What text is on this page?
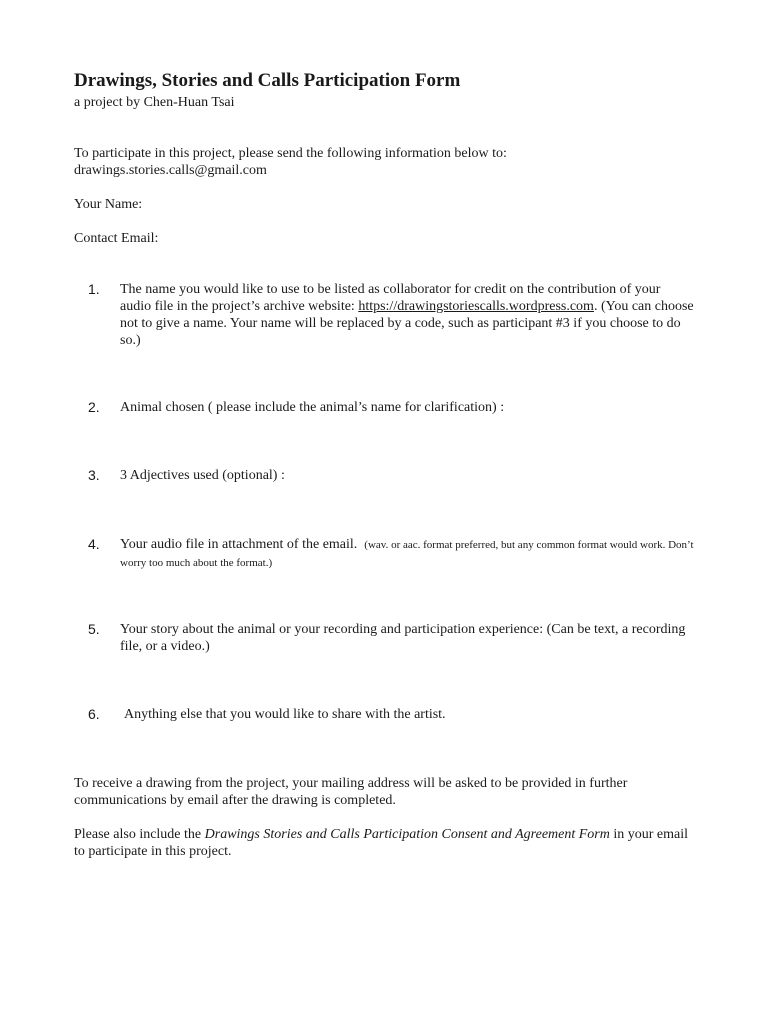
Drawings, Stories and Calls Participation Form

a project by Chen-Huan Tsai

To participate in this project, please send the following information below to:

drawings.stories.calls@gmail.com

Your Name:

Contact Email:

1.	The name you would like to use to be listed as collaborator for credit on the contribution of your audio file in the project’s archive website: https://drawingstoriescalls.wordpress.com. (You can choose not to give a name. Your name will be replaced by a code, such as participant #3 if you choose to do so.)

2.	Animal chosen ( please include the animal’s name for clarification) :

3.	3 Adjectives used (optional) :

4.	Your audio file in attachment of the email. (wav. or aac. format preferred, but any common format would work. Don’t worry too much about the format.)

5.	Your story about the animal or your recording and participation experience: (Can be text, a recording file, or a video.)

6.	Anything else that you would like to share with the artist.

To receive a drawing from the project, your mailing address will be asked to be provided in further communications by email after the drawing is completed.

Please also include the Drawings Stories and Calls Participation Consent and Agreement Form in your email to participate in this project.
